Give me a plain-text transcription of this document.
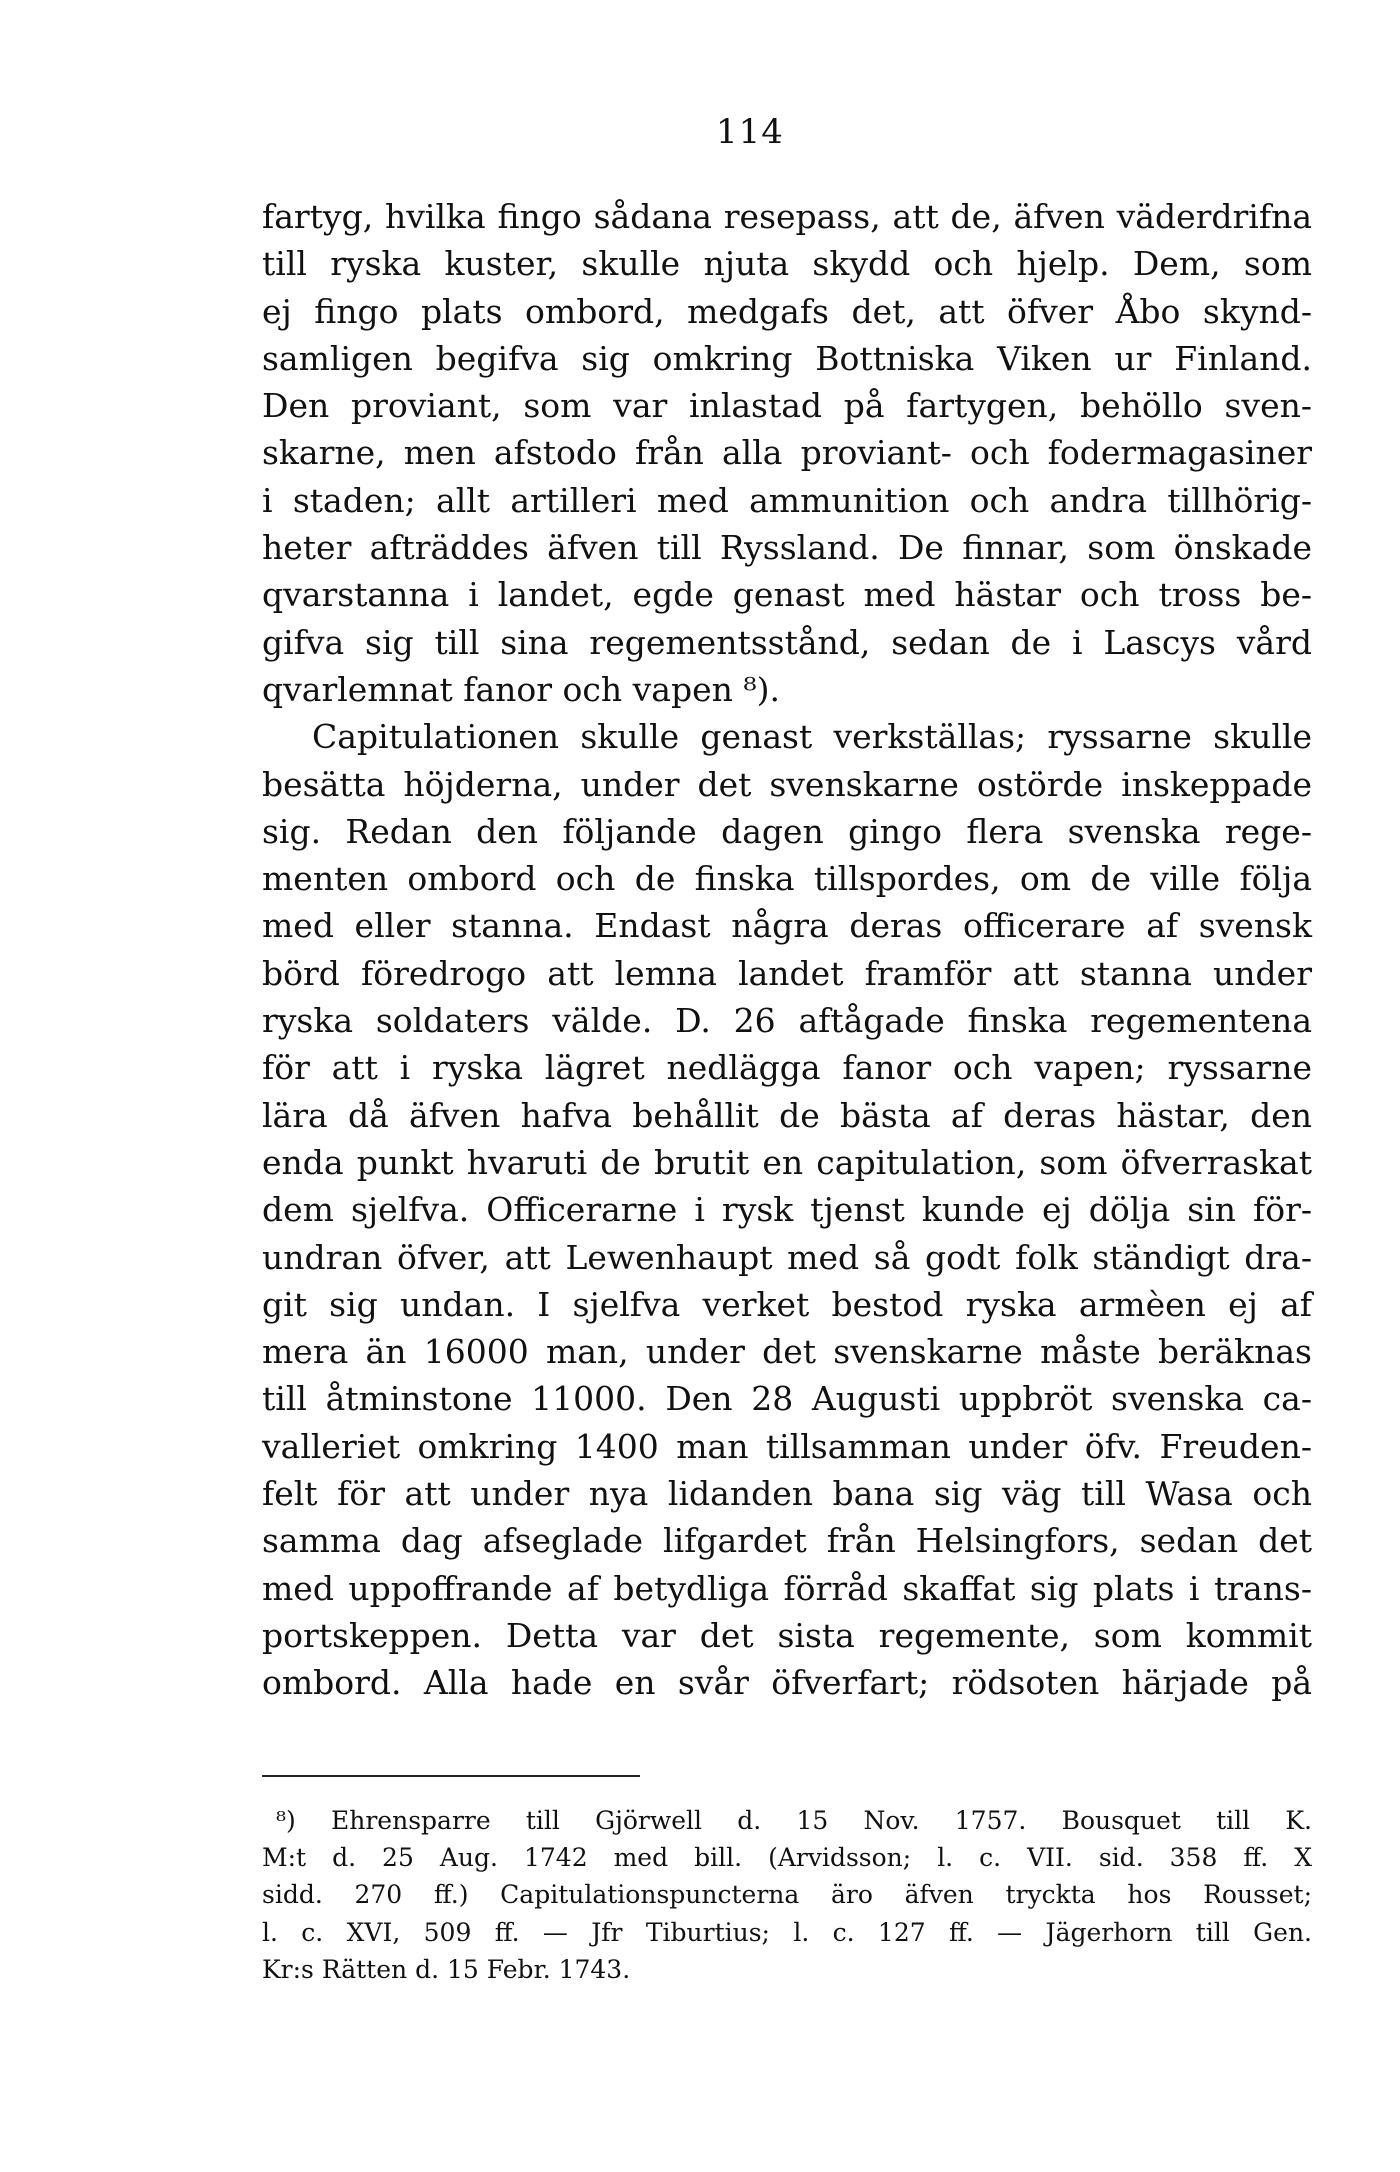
114
fartyg, hvilka fingo sådana resepass, att de, äfven väderdrifna
till ryska kuster, skulle njuta skydd och hjelp. Dem, som
ej fingo plats ombord, medgafs det, att öfver Åbo skynd-
samligen begifva sig omkring Bottniska Viken ur Finland.
Den proviant, som var inlastad på fartygen, behöllo sven-
skarne, men afstodo från alla proviant- och fodermagasiner
i staden; allt artilleri med ammunition och andra tillhörig-
heter afträddes äfven till Ryssland. De finnar, som önskade
qvarstanna i landet, egde genast med hästar och tross be-
gifva sig till sina regementsstånd, sedan de i Lascys vård
qvarlemnat fanor och vapen ⁸).
Capitulationen skulle genast verkställas; ryssarne skulle
besätta höjderna, under det svenskarne ostörde inskeppade
sig. Redan den följande dagen gingo flera svenska rege-
menten ombord och de finska tillspordes, om de ville följa
med eller stanna. Endast några deras officerare af svensk
börd föredrogo att lemna landet framför att stanna under
ryska soldaters välde. D. 26 aftågade finska regementena
för att i ryska lägret nedlägga fanor och vapen; ryssarne
lära då äfven hafva behållit de bästa af deras hästar, den
enda punkt hvaruti de brutit en capitulation, som öfverraskat
dem sjelfva. Officerarne i rysk tjenst kunde ej dölja sin för-
undran öfver, att Lewenhaupt med så godt folk ständigt dra-
git sig undan. I sjelfva verket bestod ryska armèen ej af
mera än 16000 man, under det svenskarne måste beräknas
till åtminstone 11000. Den 28 Augusti uppbröt svenska ca-
valleriet omkring 1400 man tillsamman under öfv. Freuden-
felt för att under nya lidanden bana sig väg till Wasa och
samma dag afseglade lifgardet från Helsingfors, sedan det
med uppoffrande af betydliga förråd skaffat sig plats i trans-
portskeppen. Detta var det sista regemente, som kommit
ombord. Alla hade en svår öfverfart; rödsoten härjade på
⁸) Ehrensparre till Gjörwell d. 15 Nov. 1757. Bousquet till K.
M:t d. 25 Aug. 1742 med bill. (Arvidsson; l. c. VII. sid. 358 ff. X
sidd. 270 ff.) Capitulationspuncterna äro äfven tryckta hos Rousset;
l. c. XVI, 509 ff. — Jfr Tiburtius; l. c. 127 ff. — Jägerhorn till Gen.
Kr:s Rätten d. 15 Febr. 1743.
